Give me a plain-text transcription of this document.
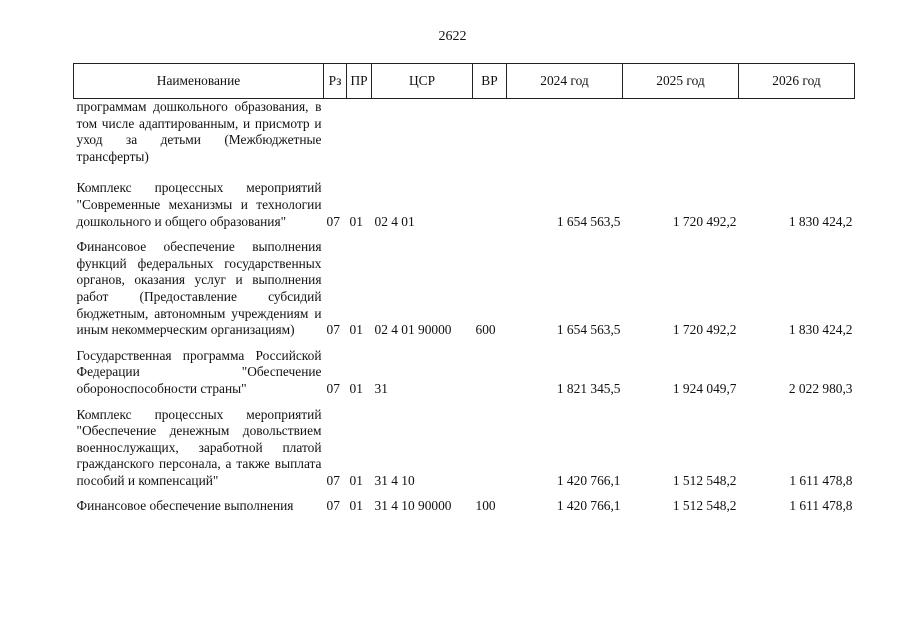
2622
Наименование	Рз	ПР	ЦСР	ВР	2024 год	2025 год	2026 год
программам дошкольного образования, в том числе адаптированным, и присмотр и уход за детьми (Межбюджетные трансферты)							
Комплекс процессных мероприятий "Современные механизмы и технологии дошкольного и общего образования"	07	01	02 4 01		1 654 563,5	1 720 492,2	1 830 424,2
Финансовое обеспечение выполнения функций федеральных государственных органов, оказания услуг и выполнения работ (Предоставление субсидий бюджетным, автономным учреждениям и иным некоммерческим организациям)	07	01	02 4 01 90000	600	1 654 563,5	1 720 492,2	1 830 424,2
Государственная программа Российской Федерации "Обеспечение обороноспособности страны"	07	01	31		1 821 345,5	1 924 049,7	2 022 980,3
Комплекс процессных мероприятий "Обеспечение денежным довольствием военнослужащих, заработной платой гражданского персонала, а также выплата пособий и компенсаций"	07	01	31 4 10		1 420 766,1	1 512 548,2	1 611 478,8
Финансовое обеспечение выполнения	07	01	31 4 10 90000	100	1 420 766,1	1 512 548,2	1 611 478,8
